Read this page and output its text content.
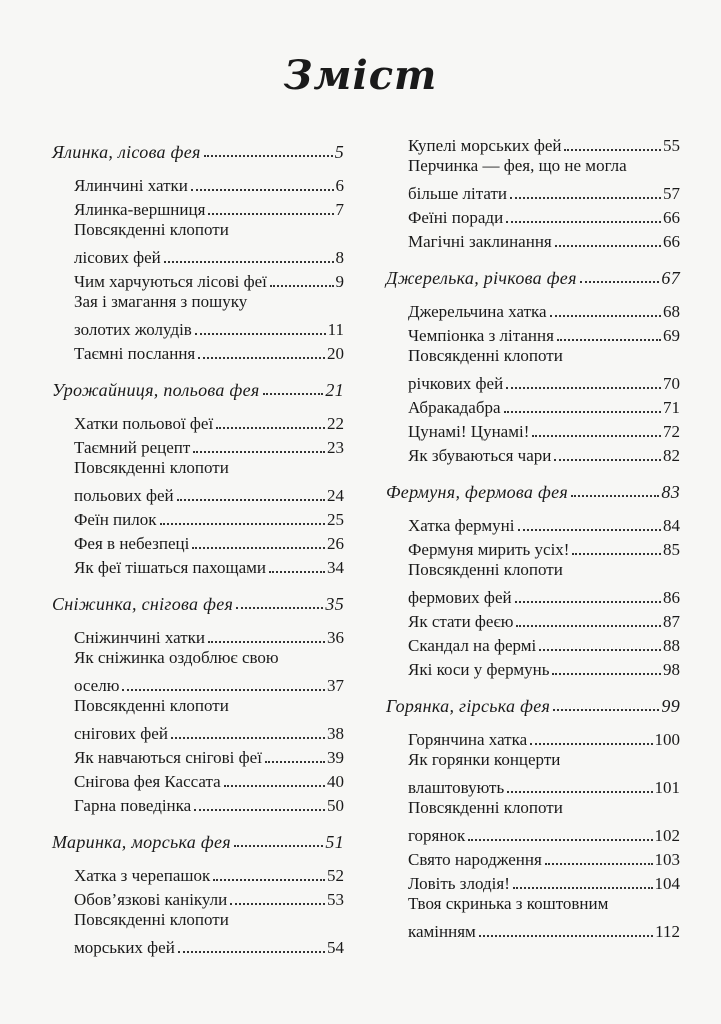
Зміст
Ялинка, лісова фея	5
Ялинчині хатки	6
Ялинка-вершниця	7
Повсякденні клопоти
лісових фей	8
Чим харчуються лісові феї	9
Зая і змагання з пошуку
золотих жолудів	11
Таємні послання	20
Урожайниця, польова фея	21
Хатки польової феї	22
Таємний рецепт	23
Повсякденні клопоти
польових фей	24
Феїн пилок	25
Фея в небезпеці	26
Як феї тішаться пахощами	34
Сніжинка, снігова фея	35
Сніжинчині хатки	36
Як сніжинка оздоблює свою
оселю	37
Повсякденні клопоти
снігових фей	38
Як навчаються снігові феї	39
Снігова фея Кассата	40
Гарна поведінка	50
Маринка, морська фея	51
Хатка з черепашок	52
Обов’язкові канікули	53
Повсякденні клопоти
морських фей	54
Купелі морських фей	55
Перчинка — фея, що не могла
більше літати	57
Феїні поради	66
Магічні заклинання	66
Джерелька, річкова фея	67
Джерельчина хатка	68
Чемпіонка з літання	69
Повсякденні клопоти
річкових фей	70
Абракадабра	71
Цунамі! Цунамі!	72
Як збуваються чари	82
Фермуня, фермова фея	83
Хатка фермуні	84
Фермуня мирить усіх!	85
Повсякденні клопоти
фермових фей	86
Як стати феєю	87
Скандал на фермі	88
Які коси у фермунь	98
Горянка, гірська фея	99
Горянчина хатка	100
Як горянки концерти
влаштовують	101
Повсякденні клопоти
горянок	102
Свято народження	103
Ловіть злодія!	104
Твоя скринька з коштовним
камінням	112
